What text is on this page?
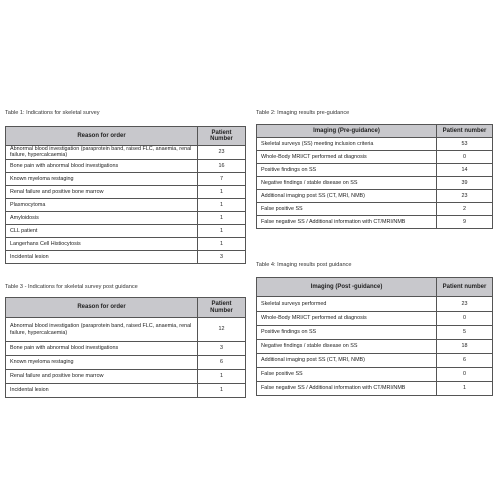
Table 1: Indications for skeletal survey
Reason for order	Patient Number
Abnormal blood investigation (paraprotein band, raised FLC, anaemia, renal failure, hypercalcaemia)	23
Bone pain with abnormal blood investigations	16
Known myeloma restaging	7
Renal failure and positive bone marrow	1
Plasmocytoma	1
Amyloidosis	1
CLL patient	1
Langerhans Cell Histiocytosis	1
Incidental lesion	3
Table 2: Imaging results pre-guidance
Imaging (Pre-guidance)	Patient number
Skeletal surveys (SS) meeting inclusion criteria	53
Whole-Body MRI/CT performed at diagnosis	0
Positive findings on SS	14
Negative findings / stable disease on SS	39
Additional imaging post SS (CT, MRI, NMB)	23
False positive SS	2
False negative SS / Additional information with CT/MRI/NMB	9
Table 3 - Indications for skeletal survey post guidance
Reason for order	Patient Number
Abnormal blood investigation (paraprotein band, raised FLC, anaemia, renal failure, hypercalcaemia)	12
Bone pain with abnormal blood investigations	3
Known myeloma restaging	6
Renal failure and positive bone marrow	1
Incidental lesion	1
Table 4: Imaging results post guidance
Imaging (Post -guidance)	Patient number
Skeletal surveys performed	23
Whole-Body MRI/CT performed at diagnosis	0
Positive findings on SS	5
Negative findings / stable disease on SS	18
Additional imaging post SS (CT, MRI, NMB)	6
False positive SS	0
False negative SS / Additional information with CT/MRI/NMB	1
